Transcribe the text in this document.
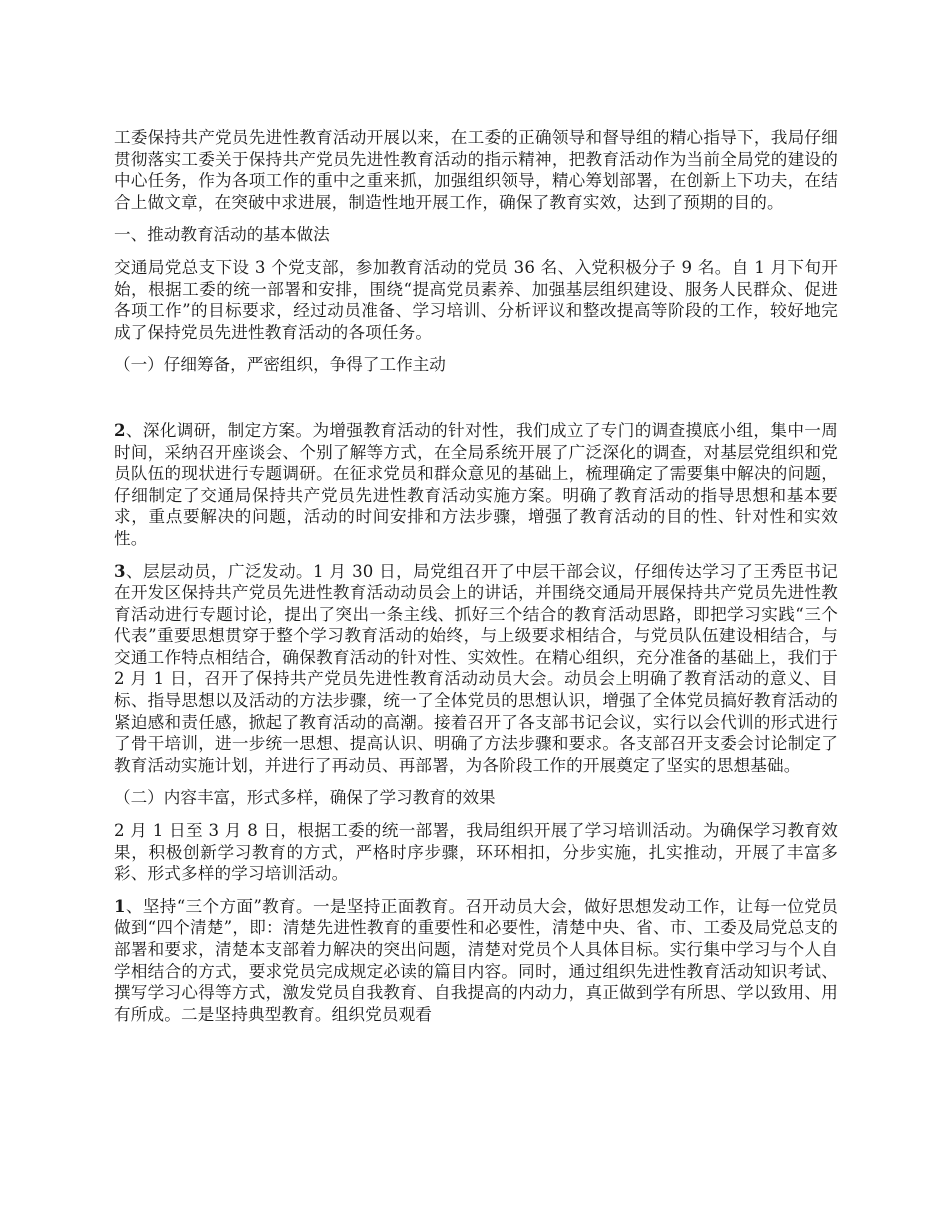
工委保持共产党员先进性教育活动开展以来，在工委的正确领导和督导组的精心指导下，我局仔细贯彻落实工委关于保持共产党员先进性教育活动的指示精神，把教育活动作为当前全局党的建设的中心任务，作为各项工作的重中之重来抓，加强组织领导，精心筹划部署，在创新上下功夫，在结合上做文章，在突破中求进展，制造性地开展工作，确保了教育实效，达到了预期的目的。

一、推动教育活动的基本做法

交通局党总支下设 3 个党支部，参加教育活动的党员 36 名、入党积极分子 9 名。自 1 月下旬开始，根据工委的统一部署和安排，围绕“提高党员素养、加强基层组织建设、服务人民群众、促进各项工作”的目标要求，经过动员准备、学习培训、分析评议和整改提高等阶段的工作，较好地完成了保持党员先进性教育活动的各项任务。

（一）仔细筹备，严密组织，争得了工作主动

2、深化调研，制定方案。为增强教育活动的针对性，我们成立了专门的调查摸底小组，集中一周时间，采纳召开座谈会、个别了解等方式，在全局系统开展了广泛深化的调查，对基层党组织和党员队伍的现状进行专题调研。在征求党员和群众意见的基础上，梳理确定了需要集中解决的问题，仔细制定了交通局保持共产党员先进性教育活动实施方案。明确了教育活动的指导思想和基本要求，重点要解决的问题，活动的时间安排和方法步骤，增强了教育活动的目的性、针对性和实效性。

3、层层动员，广泛发动。1 月 30 日，局党组召开了中层干部会议，仔细传达学习了王秀臣书记在开发区保持共产党员先进性教育活动动员会上的讲话，并围绕交通局开展保持共产党员先进性教育活动进行专题讨论，提出了突出一条主线、抓好三个结合的教育活动思路，即把学习实践“三个代表”重要思想贯穿于整个学习教育活动的始终，与上级要求相结合，与党员队伍建设相结合，与交通工作特点相结合，确保教育活动的针对性、实效性。在精心组织，充分准备的基础上，我们于 2 月 1 日，召开了保持共产党员先进性教育活动动员大会。动员会上明确了教育活动的意义、目标、指导思想以及活动的方法步骤，统一了全体党员的思想认识，增强了全体党员搞好教育活动的紧迫感和责任感，掀起了教育活动的高潮。接着召开了各支部书记会议，实行以会代训的形式进行了骨干培训，进一步统一思想、提高认识、明确了方法步骤和要求。各支部召开支委会讨论制定了教育活动实施计划，并进行了再动员、再部署，为各阶段工作的开展奠定了坚实的思想基础。

（二）内容丰富，形式多样，确保了学习教育的效果

2 月 1 日至 3 月 8 日，根据工委的统一部署，我局组织开展了学习培训活动。为确保学习教育效果，积极创新学习教育的方式，严格时序步骤，环环相扣，分步实施，扎实推动，开展了丰富多彩、形式多样的学习培训活动。

1、坚持“三个方面”教育。一是坚持正面教育。召开动员大会，做好思想发动工作，让每一位党员做到“四个清楚”，即：清楚先进性教育的重要性和必要性，清楚中央、省、市、工委及局党总支的部署和要求，清楚本支部着力解决的突出问题，清楚对党员个人具体目标。实行集中学习与个人自学相结合的方式，要求党员完成规定必读的篇目内容。同时，通过组织先进性教育活动知识考试、撰写学习心得等方式，激发党员自我教育、自我提高的内动力，真正做到学有所思、学以致用、用有所成。二是坚持典型教育。组织党员观看
